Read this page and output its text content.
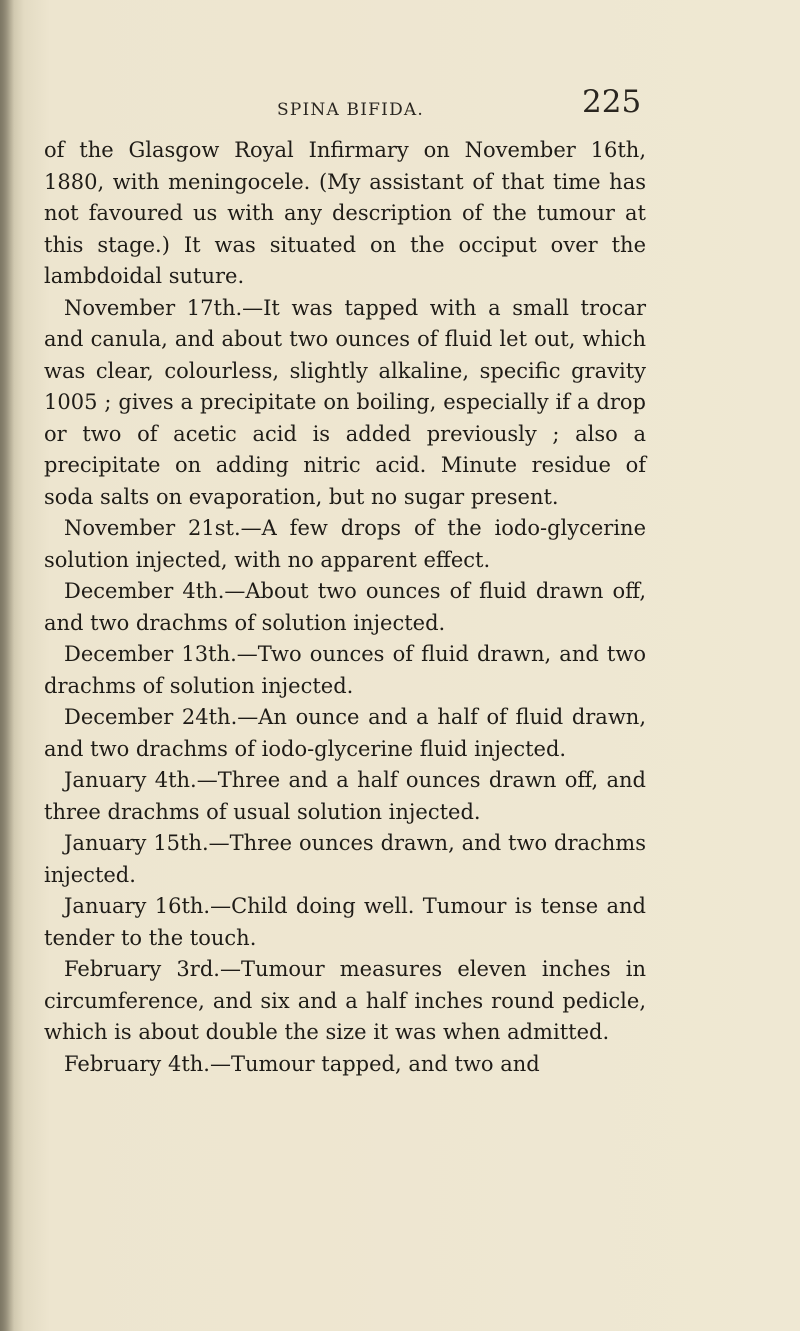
SPINA BIFIDA.	225

of the Glasgow Royal Infirmary on November 16th, 1880, with meningocele. (My assistant of that time has not favoured us with any description of the tumour at this stage.) It was situated on the occiput over the lambdoidal suture.

November 17th.—It was tapped with a small trocar and canula, and about two ounces of fluid let out, which was clear, colourless, slightly alkaline, specific gravity 1005 ; gives a precipitate on boiling, especially if a drop or two of acetic acid is added previously ; also a precipitate on adding nitric acid. Minute residue of soda salts on evaporation, but no sugar present.

November 21st.—A few drops of the iodo-glycerine solution injected, with no apparent effect.

December 4th.—About two ounces of fluid drawn off, and two drachms of solution injected.

December 13th.—Two ounces of fluid drawn, and two drachms of solution injected.

December 24th.—An ounce and a half of fluid drawn, and two drachms of iodo-glycerine fluid injected.

January 4th.—Three and a half ounces drawn off, and three drachms of usual solution injected.

January 15th.—Three ounces drawn, and two drachms injected.

January 16th.—Child doing well. Tumour is tense and tender to the touch.

February 3rd.—Tumour measures eleven inches in circumference, and six and a half inches round pedicle, which is about double the size it was when admitted.

February 4th.—Tumour tapped, and two and
